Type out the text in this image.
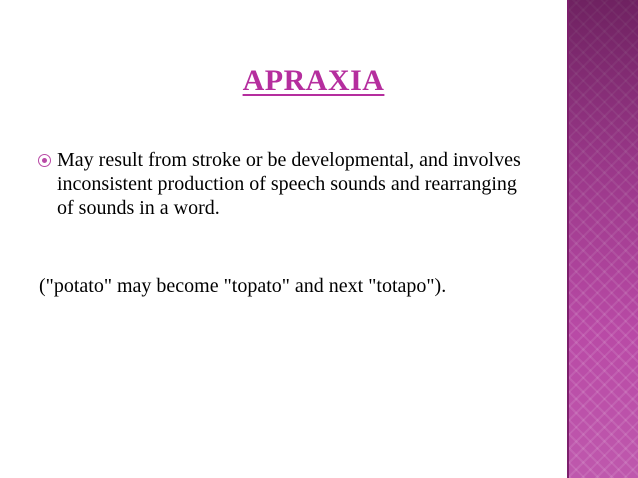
APRAXIA
May result from stroke or be developmental, and involves inconsistent production of speech sounds and rearranging of sounds in a word.
("potato" may become "topato" and next "totapo").
